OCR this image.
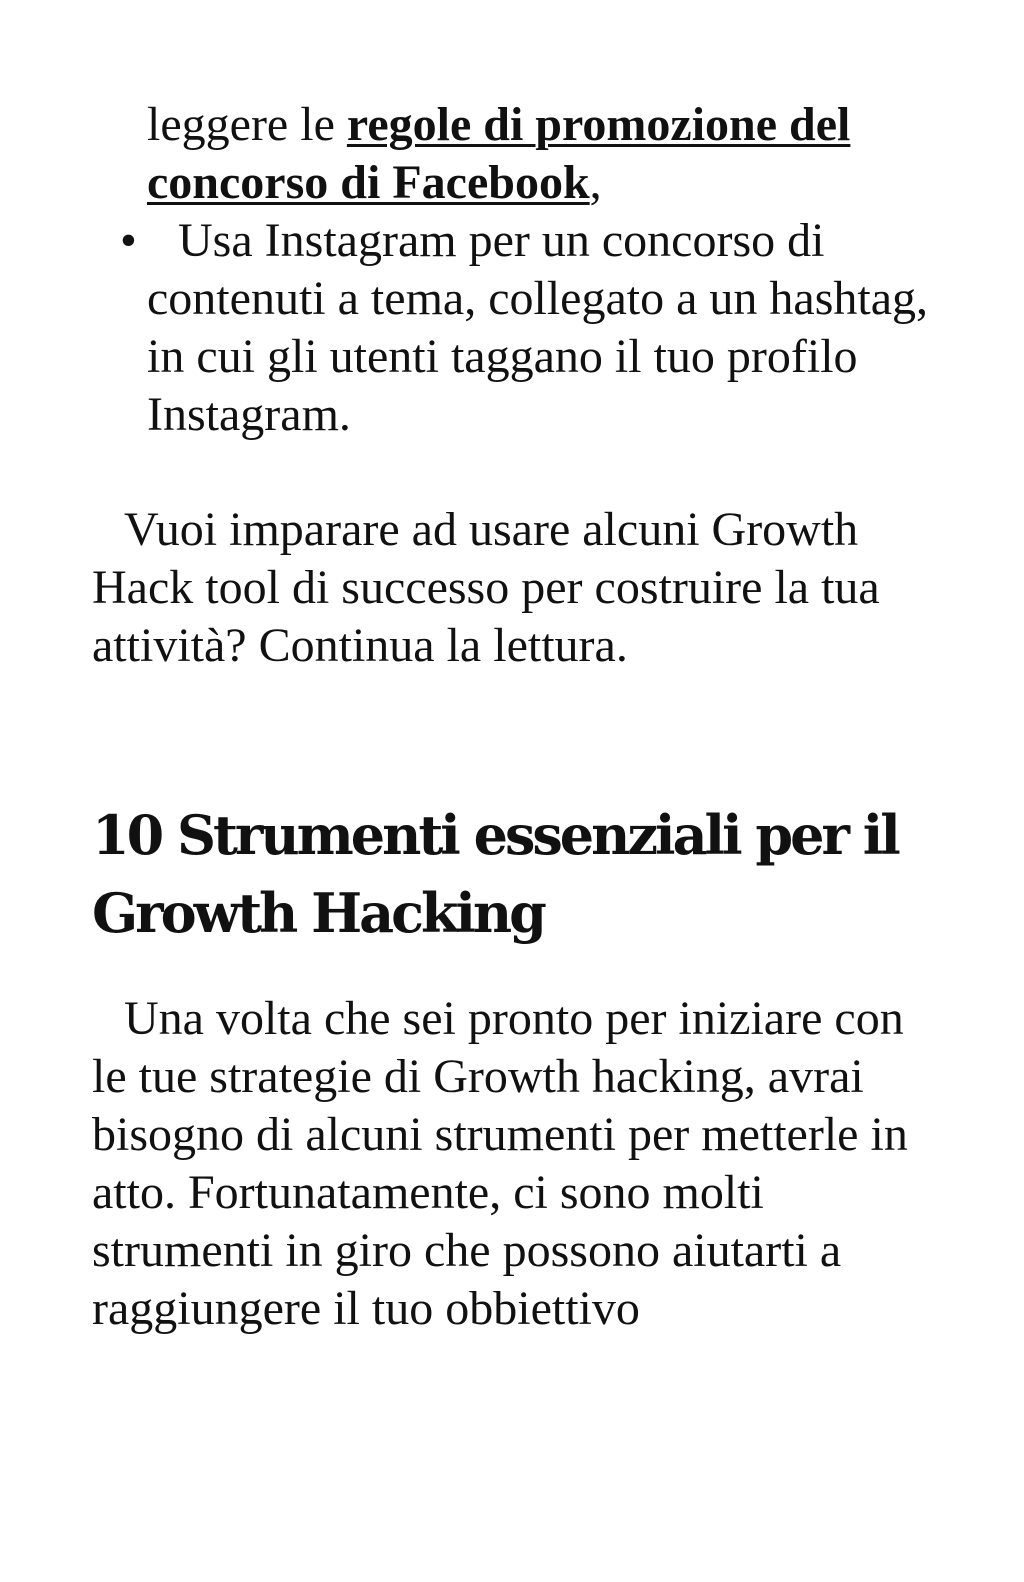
leggere le regole di promozione del concorso di Facebook,

• Usa Instagram per un concorso di contenuti a tema, collegato a un hashtag, in cui gli utenti taggano il tuo profilo Instagram.

Vuoi imparare ad usare alcuni Growth Hack tool di successo per costruire la tua attività? Continua la lettura.

10 Strumenti essenziali per il Growth Hacking

Una volta che sei pronto per iniziare con le tue strategie di Growth hacking, avrai bisogno di alcuni strumenti per metterle in atto. Fortunatamente, ci sono molti strumenti in giro che possono aiutarti a raggiungere il tuo obbiettivo
